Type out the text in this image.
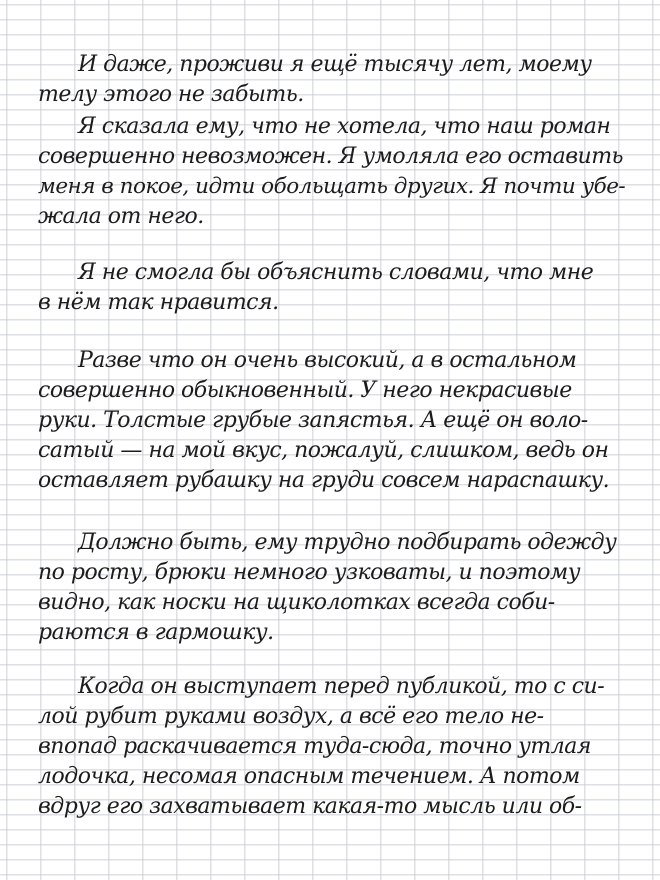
И даже, проживи я ещё тысячу лет, моему
телу этого не забыть.
Я сказала ему, что не хотела, что наш роман
совершенно невозможен. Я умоляла его оставить
меня в покое, идти обольщать других. Я почти убе-
жала от него.
Я не смогла бы объяснить словами, что мне
в нём так нравится.
Разве что он очень высокий, а в остальном
совершенно обыкновенный. У него некрасивые
руки. Толстые грубые запястья. А ещё он воло-
сатый — на мой вкус, пожалуй, слишком, ведь он
оставляет рубашку на груди совсем нараспашку.
Должно быть, ему трудно подбирать одежду
по росту, брюки немного узковаты, и поэтому
видно, как носки на щиколотках всегда соби-
раются в гармошку.
Когда он выступает перед публикой, то с си-
лой рубит руками воздух, а всё его тело не-
впопад раскачивается туда-сюда, точно утлая
лодочка, несомая опасным течением. А потом
вдруг его захватывает какая-то мысль или об-
